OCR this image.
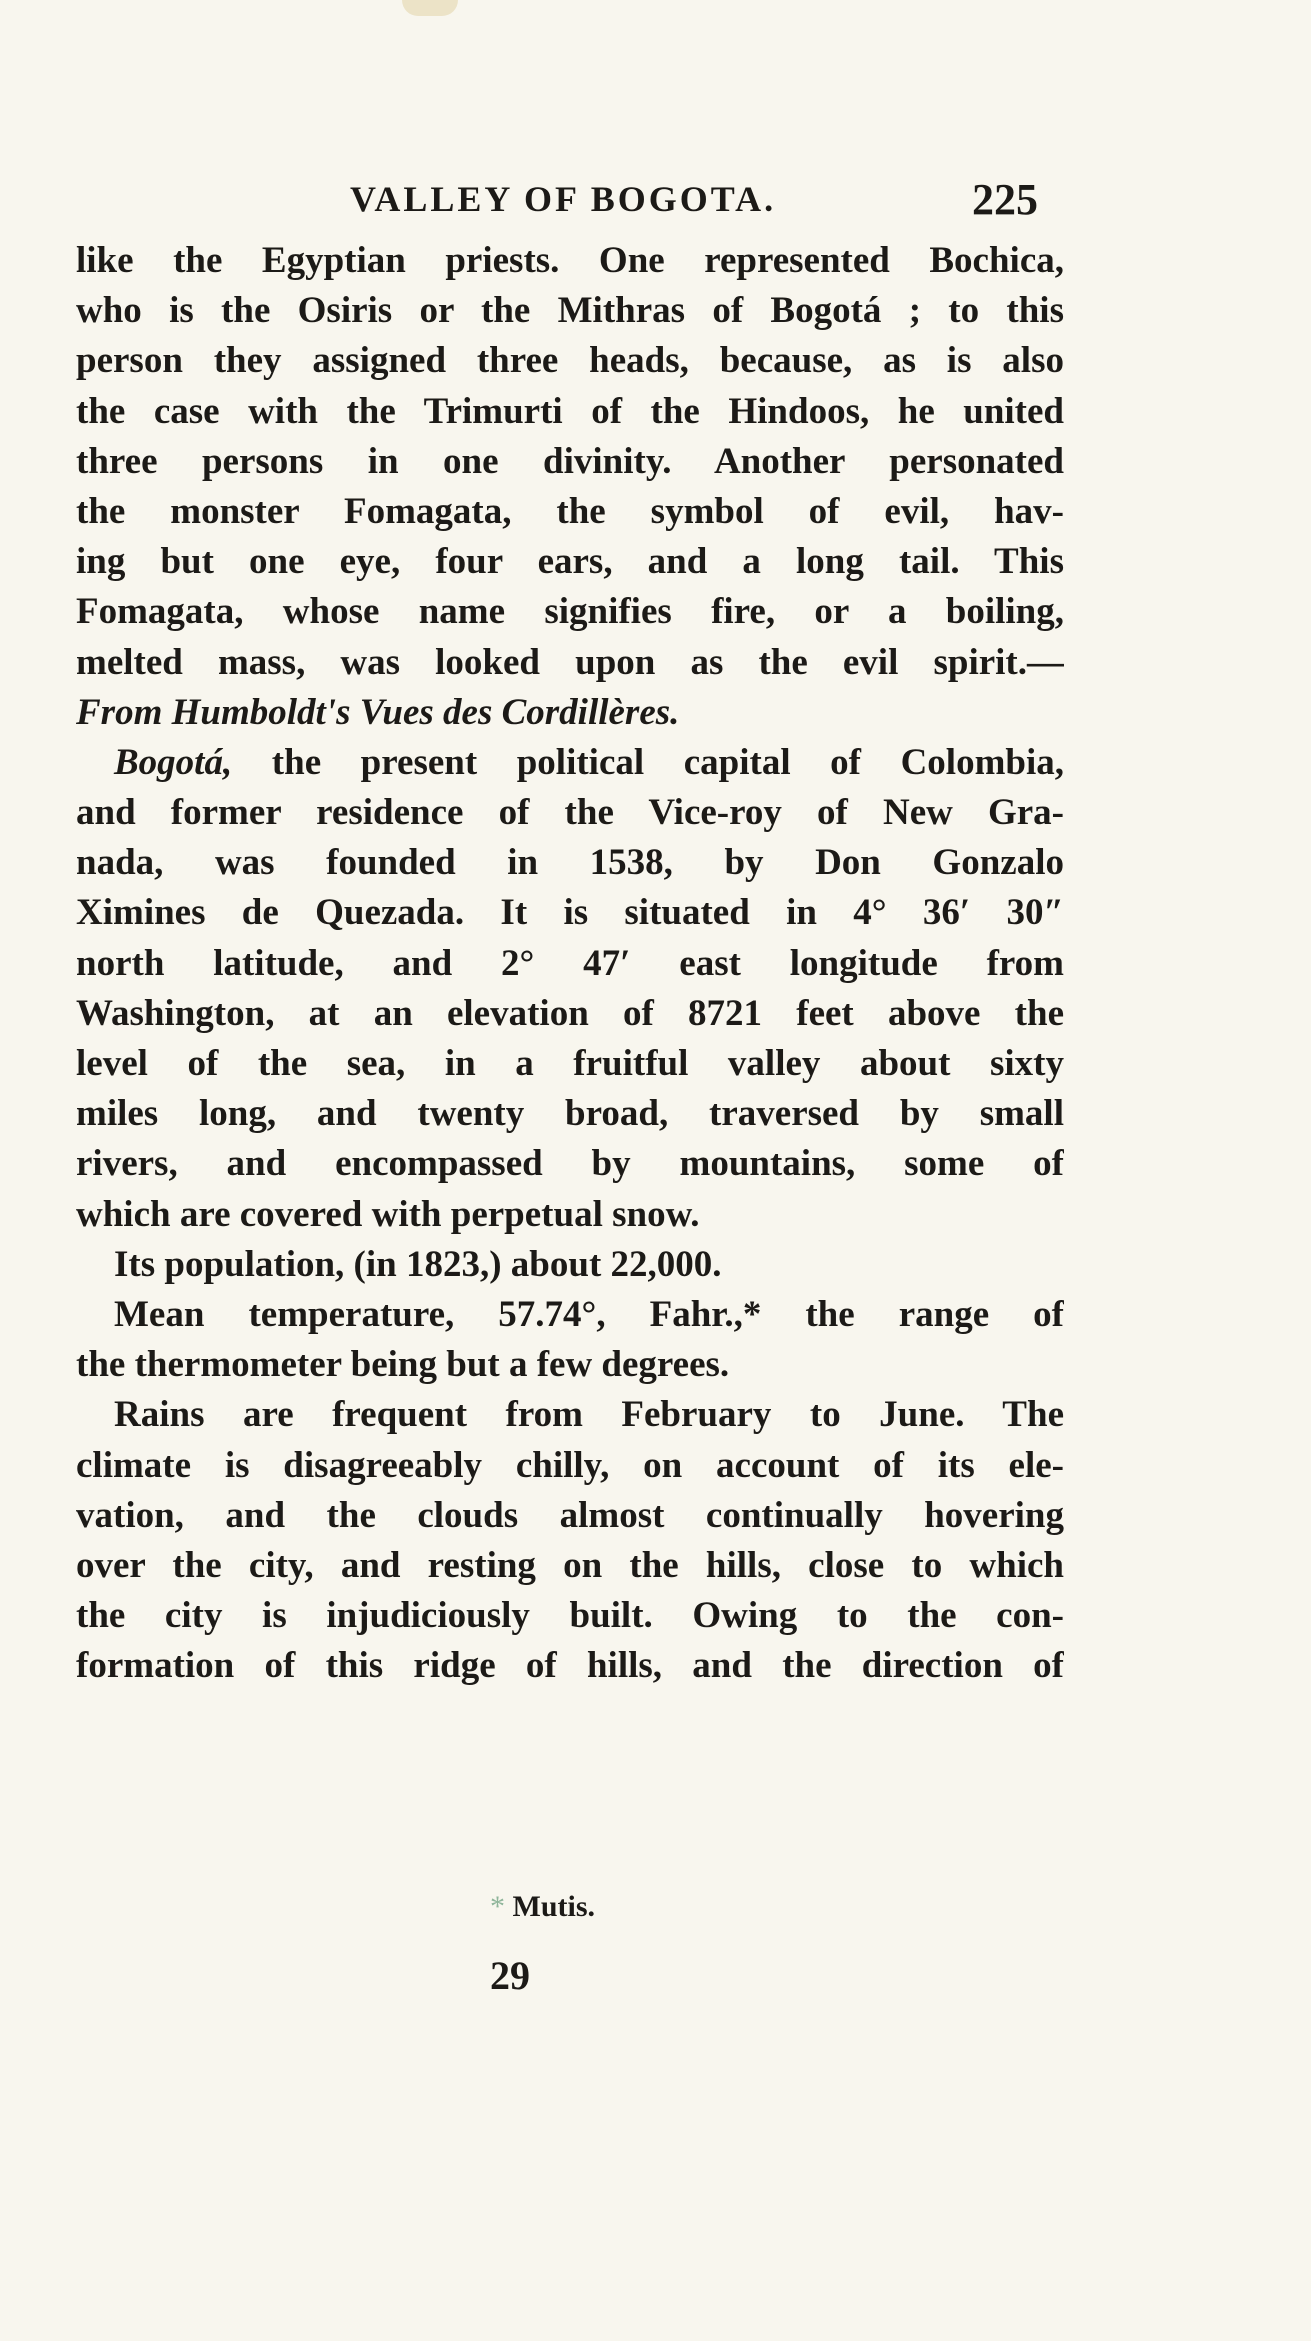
VALLEY OF BOGOTA.	225
like the Egyptian priests. One represented Bochica,
who is the Osiris or the Mithras of Bogotá ; to this
person they assigned three heads, because, as is also
the case with the Trimurti of the Hindoos, he united
three persons in one divinity. Another personated
the monster Fomagata, the symbol of evil, hav-
ing but one eye, four ears, and a long tail. This
Fomagata, whose name signifies fire, or a boiling,
melted mass, was looked upon as the evil spirit.—
From Humboldt's Vues des Cordillères.
Bogotá, the present political capital of Colombia,
and former residence of the Vice-roy of New Gra-
nada, was founded in 1538, by Don Gonzalo
Ximines de Quezada. It is situated in 4° 36′ 30″
north latitude, and 2° 47′ east longitude from
Washington, at an elevation of 8721 feet above the
level of the sea, in a fruitful valley about sixty
miles long, and twenty broad, traversed by small
rivers, and encompassed by mountains, some of
which are covered with perpetual snow.
Its population, (in 1823,) about 22,000.
Mean temperature, 57.74°, Fahr.,* the range of
the thermometer being but a few degrees.
Rains are frequent from February to June. The
climate is disagreeably chilly, on account of its ele-
vation, and the clouds almost continually hovering
over the city, and resting on the hills, close to which
the city is injudiciously built. Owing to the con-
formation of this ridge of hills, and the direction of
* Mutis.
29
